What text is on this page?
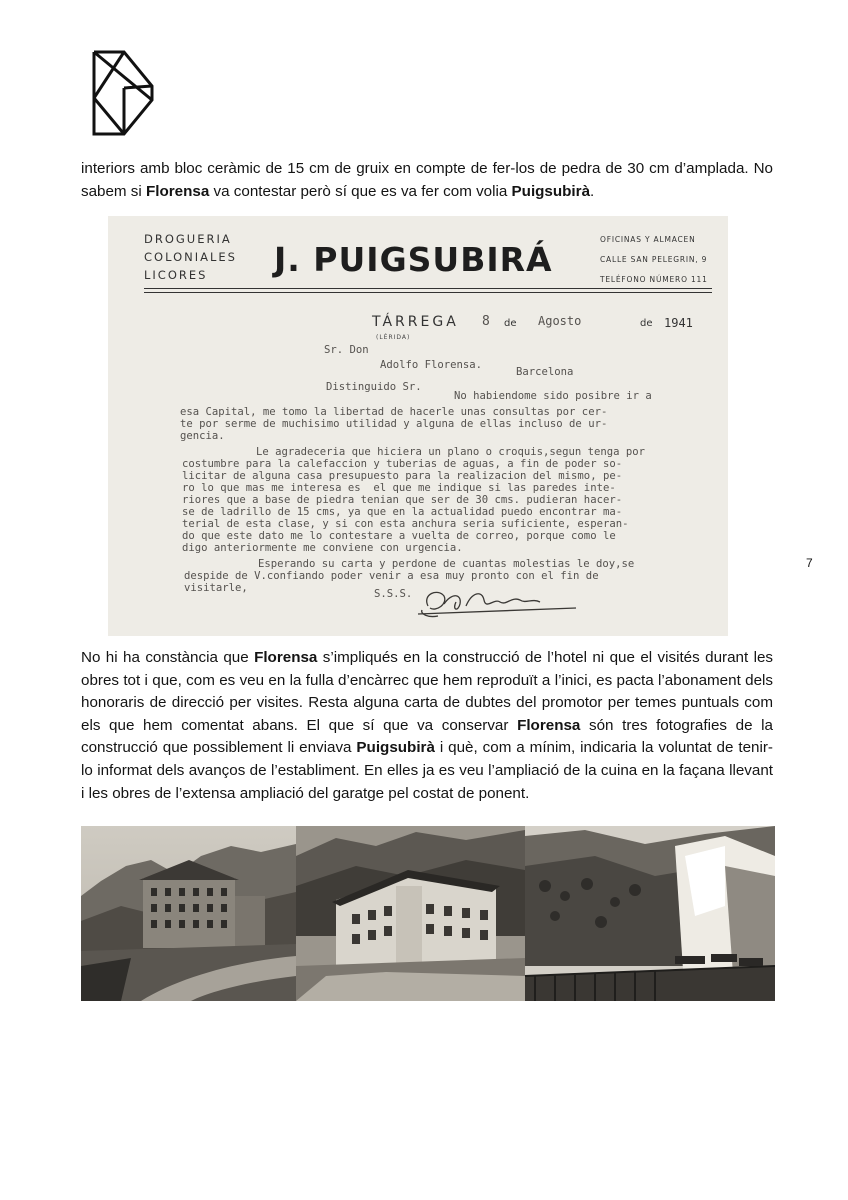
interiors amb bloc ceràmic de 15 cm de gruix en compte de fer-los de pedra de 30 cm d’amplada. No sabem si Florensa va contestar però sí que es va fer com volia Puigsubirà.

DROGUERIA
COLONIALES
LICORES	J. PUIGSUBIRÁ
OFICINAS Y ALMACEN
CALLE SAN PELEGRIN, 9
TELÉFONO NÚMERO 111
TÁRREGA
(LÉRIDA)
8 de Agosto	de 1941
Sr. Don
Adolfo Florensa.
Barcelona
Distinguido Sr.
No habiendome sido posibre ir a
esa Capital, me tomo la libertad de hacerle unas consultas por cer-
te por serme de muchisimo utilidad y alguna de ellas incluso de ur-
gencia.
Le agradeceria que hiciera un plano o croquis,segun tenga por
costumbre para la calefaccion y tuberias de aguas, a fin de poder so-
licitar de alguna casa presupuesto para la realizacion del mismo, pe-
ro lo que mas me interesa es  el que me indique si las paredes inte-
riores que a base de piedra tenian que ser de 30 cms. pudieran hacer-
se de ladrillo de 15 cms, ya que en la actualidad puedo encontrar ma-
terial de esta clase, y si con esta anchura seria suficiente, esperan-
do que este dato me lo contestare a vuelta de correo, porque como le
digo anteriormente me conviene con urgencia.
Esperando su carta y perdone de cuantas molestias le doy,se
despide de V.confiando poder venir a esa muy pronto con el fin de
visitarle,	S.S.S.
7

No hi ha constància que Florensa s’impliqués en la construcció de l’hotel ni que el visités durant les obres tot i que, com es veu en la fulla d’encàrrec que hem reproduït a l’inici, es pacta l’abonament dels honoraris de direcció per visites. Resta alguna carta de dubtes del promotor per temes puntuals com els que hem comentat abans. El que sí que va conservar Florensa són tres fotografies de la construcció que possiblement li enviava Puigsubirà i què, com a mínim, indicaria la voluntat de tenir-lo informat dels avanços de l’establiment. En elles ja es veu l’ampliació de la cuina en la façana llevant i les obres de l’extensa ampliació del garatge pel costat de ponent.
